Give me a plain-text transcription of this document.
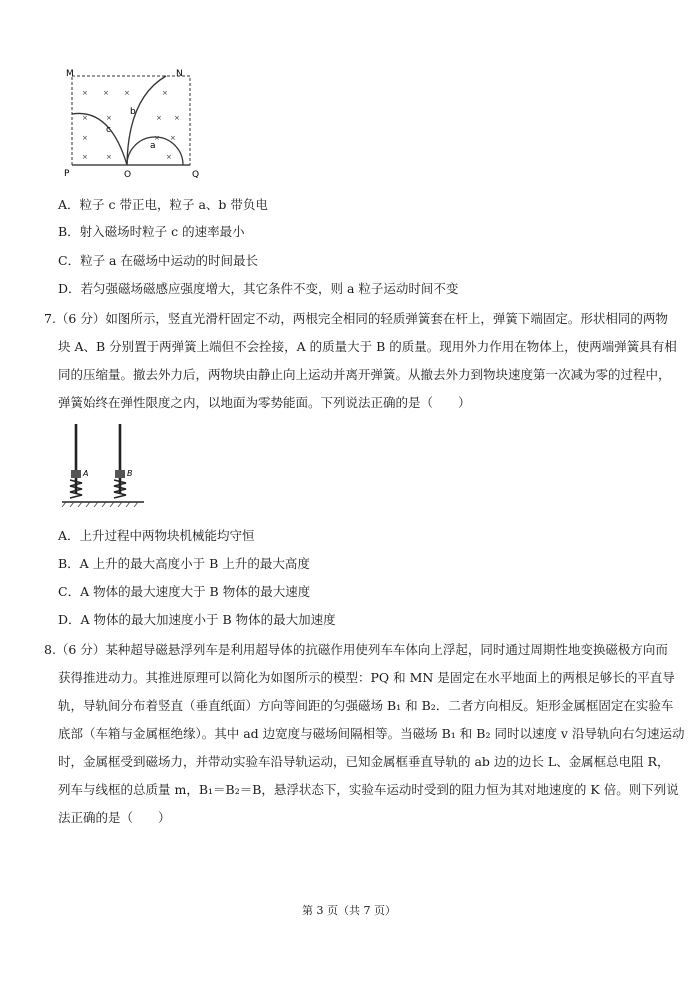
× × ×	×
×	×	× ×
×	× ×
×	×	×
M	N
P	O	Q
c
b
a
A．粒子 c 带正电，粒子 a、b 带负电
B．射入磁场时粒子 c 的速率最小
C．粒子 a 在磁场中运动的时间最长
D．若匀强磁场磁感应强度增大，其它条件不变，则 a 粒子运动时间不变
7.（6 分）如图所示，竖直光滑杆固定不动，两根完全相同的轻质弹簧套在杆上，弹簧下端固定。形状相同的两物
块 A、B 分别置于两弹簧上端但不会拴接，A 的质量大于 B 的质量。现用外力作用在物体上，使两端弹簧具有相
同的压缩量。撤去外力后，两物块由静止向上运动并离开弹簧。从撤去外力到物块速度第一次减为零的过程中，
弹簧始终在弹性限度之内，以地面为零势能面。下列说法正确的是（　　）
A	B
A．上升过程中两物块机械能均守恒
B．A 上升的最大高度小于 B 上升的最大高度
C．A 物体的最大速度大于 B 物体的最大速度
D．A 物体的最大加速度小于 B 物体的最大加速度
8.（6 分）某种超导磁悬浮列车是利用超导体的抗磁作用使列车车体向上浮起，同时通过周期性地变换磁极方向而
获得推进动力。其推进原理可以简化为如图所示的模型：PQ 和 MN 是固定在水平地面上的两根足够长的平直导
轨，导轨间分布着竖直（垂直纸面）方向等间距的匀强磁场 B₁ 和 B₂．二者方向相反。矩形金属框固定在实验车
底部（车箱与金属框绝缘）。其中 ad 边宽度与磁场间隔相等。当磁场 B₁ 和 B₂ 同时以速度 v 沿导轨向右匀速运动
时，金属框受到磁场力，并带动实验车沿导轨运动，已知金属框垂直导轨的 ab 边的边长 L、金属框总电阻 R，
列车与线框的总质量 m，B₁＝B₂＝B，悬浮状态下，实验车运动时受到的阻力恒为其对地速度的 K 倍。则下列说
法正确的是（　　）
第 3 页（共 7 页）
